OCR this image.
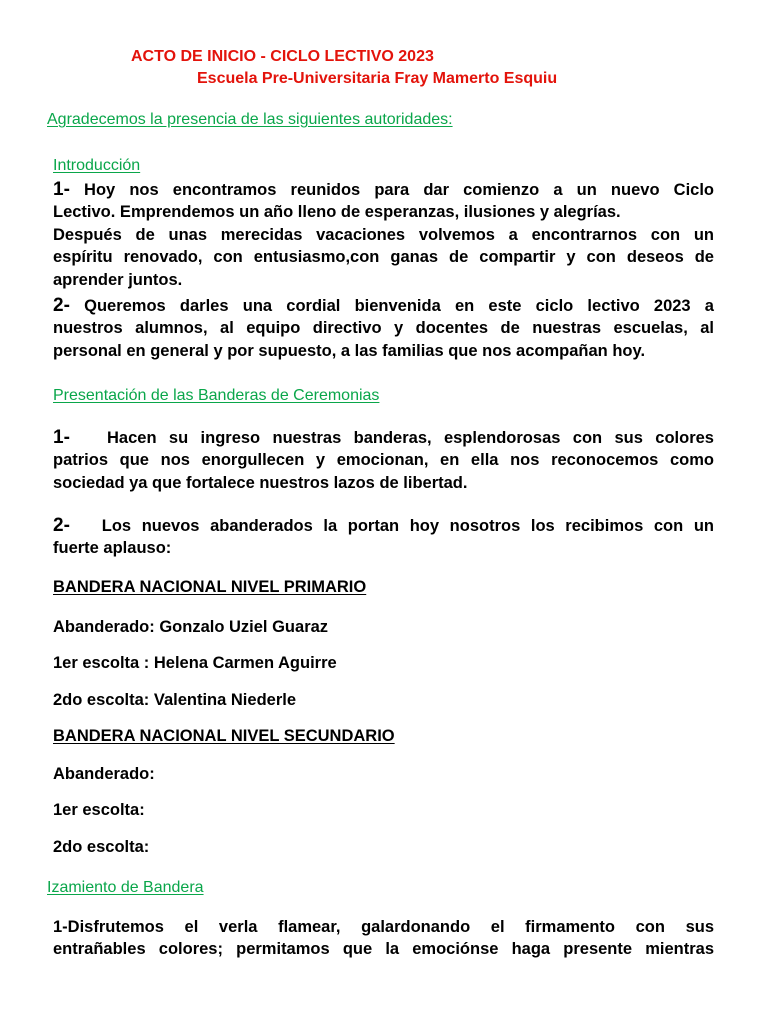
ACTO DE INICIO - CICLO LECTIVO 2023

Escuela Pre-Universitaria Fray Mamerto Esquiu

Agradecemos la presencia de las siguientes autoridades:

Introducción

1- Hoy nos encontramos reunidos para dar comienzo a un nuevo Ciclo
Lectivo. Emprendemos un año lleno de esperanzas, ilusiones y alegrías.
Después de unas merecidas vacaciones volvemos a encontrarnos con un
espíritu renovado, con entusiasmo,con ganas de compartir y con deseos de
aprender juntos.
2- Queremos darles una cordial bienvenida en este ciclo lectivo 2023 a
nuestros alumnos, al equipo directivo y docentes de nuestras escuelas, al
personal en general y por supuesto, a las familias que nos acompañan hoy.

Presentación de las Banderas de Ceremonias

1- Hacen su ingreso nuestras banderas, esplendorosas con sus colores
patrios que nos enorgullecen y emocionan, en ella nos reconocemos como
sociedad ya que fortalece nuestros lazos de libertad.
2- Los nuevos abanderados la portan hoy nosotros los recibimos con un
fuerte aplauso:

BANDERA NACIONAL NIVEL PRIMARIO

Abanderado: Gonzalo Uziel Guaraz

1er escolta : Helena Carmen Aguirre

2do escolta: Valentina Niederle

BANDERA NACIONAL NIVEL SECUNDARIO

Abanderado:

1er escolta:

2do escolta:

Izamiento de Bandera

1-Disfrutemos el verla flamear, galardonando el firmamento con sus
entrañables colores; permitamos que la emociónse haga presente mientras
